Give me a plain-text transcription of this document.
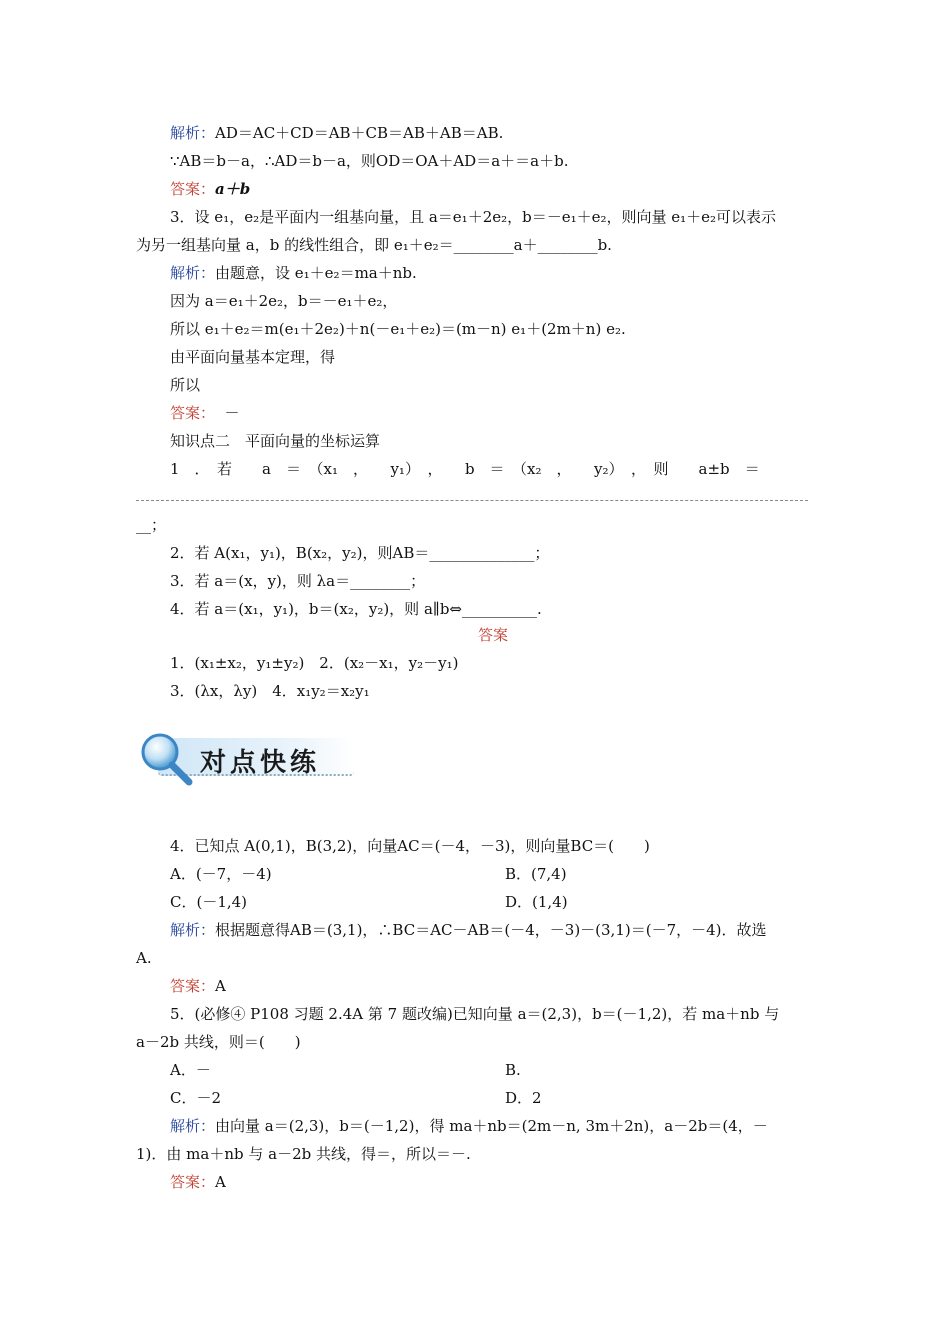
解析：AD＝AC＋CD＝AB＋CB＝AB＋AB＝AB.
∵AB＝b－a，∴AD＝b－a，则OD＝OA＋AD＝a＋＝a＋b.
答案：a＋b
3．设 e₁，e₂是平面内一组基向量，且 a＝e₁＋2e₂，b＝－e₁＋e₂，则向量 e₁＋e₂可以表示
为另一组基向量 a，b 的线性组合，即 e₁＋e₂＝________a＋________b.
解析：由题意，设 e₁＋e₂＝ma＋nb.
因为 a＝e₁＋2e₂，b＝－e₁＋e₂，
所以 e₁＋e₂＝m(e₁＋2e₂)＋n(－e₁＋e₂)＝(m－n) e₁＋(2m＋n) e₂.
由平面向量基本定理，得
所以
答案：  －
知识点二　平面向量的坐标运算
1　．　若　　a　＝　（x₁　，　　y₁）　，　　b　＝　（x₂　，　　y₂）　，　则　　a±b　＝
__；
2．若 A(x₁，y₁)，B(x₂，y₂)，则AB＝______________；
3．若 a＝(x，y)，则 λa＝________；
4．若 a＝(x₁，y₁)，b＝(x₂，y₂)，则 a∥b⇔__________.
答案
1．(x₁±x₂，y₁±y₂)　2．(x₂－x₁，y₂－y₁)
3．(λx，λy)　4．x₁y₂＝x₂y₁
对点快练
4．已知点 A(0,1)，B(3,2)，向量AC＝(－4，－3)，则向量BC＝(　　)
A．(－7，－4)	B．(7,4)
C．(－1,4)	D．(1,4)
解析：根据题意得AB＝(3,1)，∴BC＝AC－AB＝(－4，－3)－(3,1)＝(－7，－4)．故选
A.
答案：A
5．(必修④ P108 习题 2.4A 第 7 题改编)已知向量 a＝(2,3)，b＝(－1,2)，若 ma＋nb 与
a－2b 共线，则＝(　　)
A．－	B.
C．－2	D．2
解析：由向量 a＝(2,3)，b＝(－1,2)，得 ma＋nb＝(2m－n, 3m＋2n)，a－2b＝(4，－
1)．由 ma＋nb 与 a－2b 共线，得＝，所以＝－.
答案：A
